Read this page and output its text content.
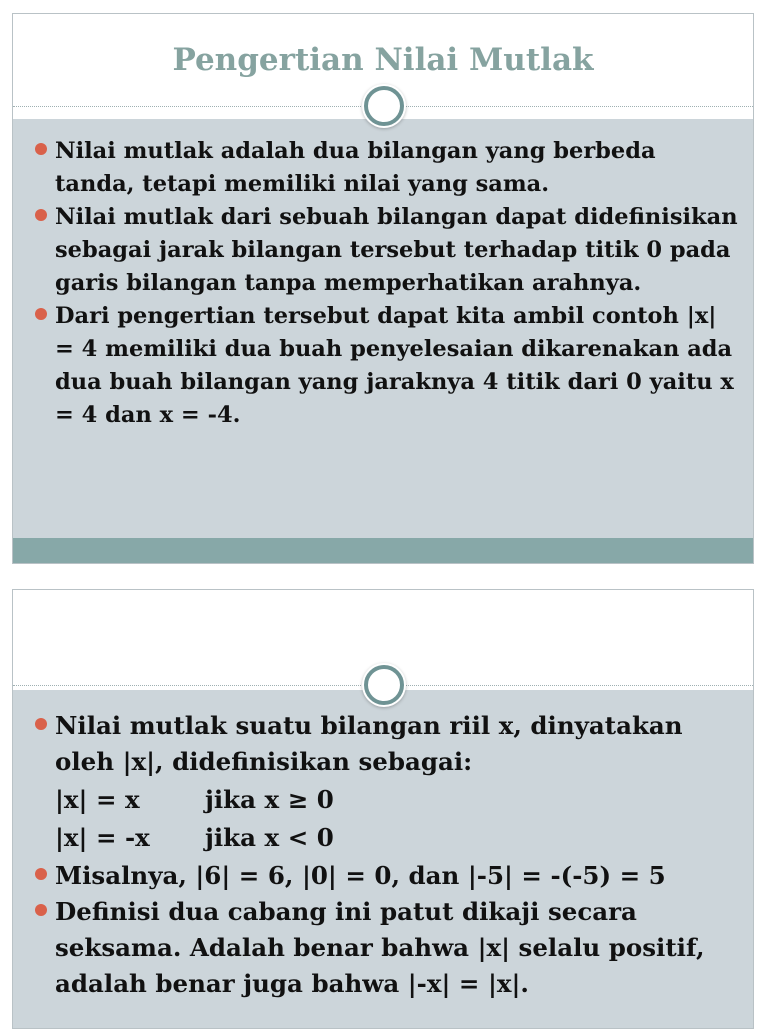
Pengertian Nilai Mutlak
Nilai mutlak adalah dua bilangan yang berbeda tanda, tetapi memiliki nilai yang sama.
Nilai mutlak dari sebuah bilangan dapat didefinisikan sebagai jarak bilangan tersebut terhadap titik 0 pada garis bilangan tanpa memperhatikan arahnya.
Dari pengertian tersebut dapat kita ambil contoh |x| = 4 memiliki dua buah penyelesaian dikarenakan ada dua buah bilangan yang jaraknya 4 titik dari 0 yaitu x = 4 dan x = -4.
Nilai mutlak suatu bilangan riil x, dinyatakan oleh |x|, didefinisikan sebagai:
|x| = x	jika x ≥ 0
|x| = -x jika x < 0
Misalnya, |6| = 6, |0| = 0, dan |-5| = -(-5) = 5
Definisi dua cabang ini patut dikaji secara seksama. Adalah benar bahwa |x| selalu positif, adalah benar juga bahwa |-x| = |x|.
